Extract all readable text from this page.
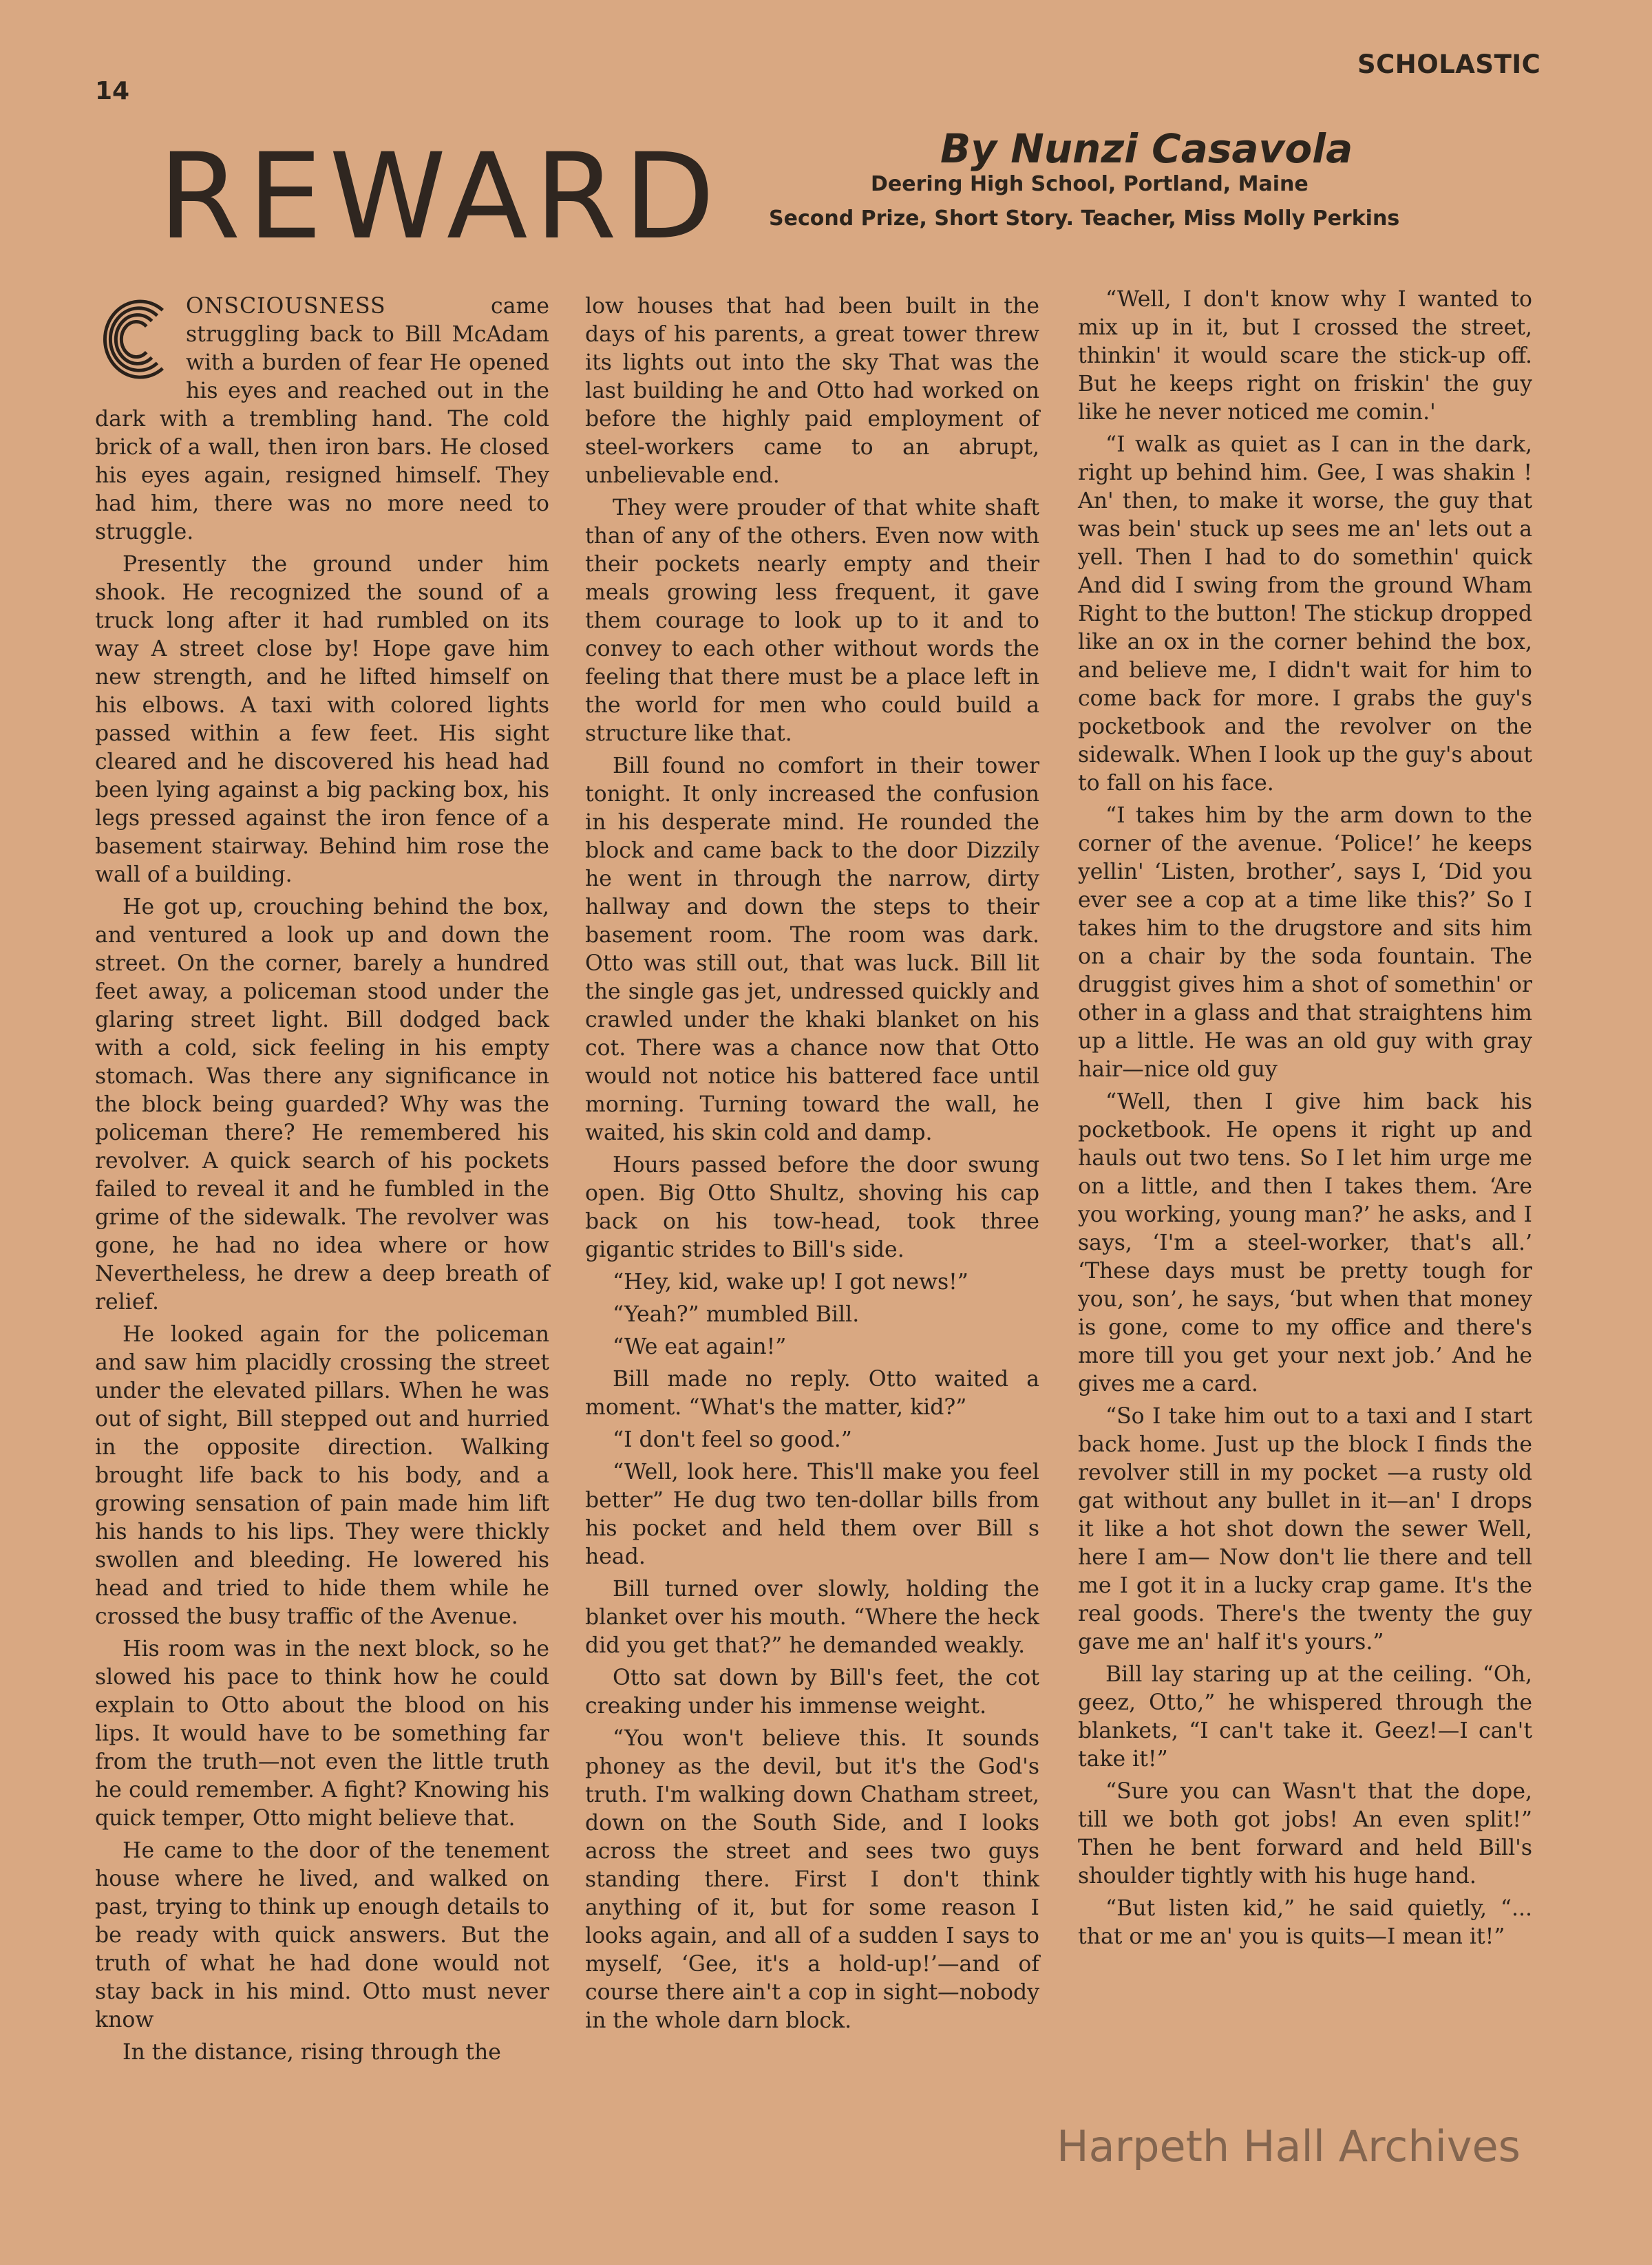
14
SCHOLASTIC
REWARD	By Nunzi Casavola
Deering High School, Portland, Maine
Second Prize, Short Story. Teacher, Miss Molly Perkins

ONSCIOUSNESS came struggling back to Bill McAdam with a burden of fear He opened his eyes and reached out in the dark with a trembling hand. The cold brick of a wall, then iron bars. He closed his eyes again, resigned himself. They had him, there was no more need to struggle.

Presently the ground under him shook. He recognized the sound of a truck long after it had rumbled on its way A street close by! Hope gave him new strength, and he lifted himself on his elbows. A taxi with colored lights passed within a few feet. His sight cleared and he discovered his head had been lying against a big packing box, his legs pressed against the iron fence of a basement stairway. Behind him rose the wall of a building.

He got up, crouching behind the box, and ventured a look up and down the street. On the corner, barely a hundred feet away, a policeman stood under the glaring street light. Bill dodged back with a cold, sick feeling in his empty stomach. Was there any significance in the block being guarded? Why was the policeman there? He remembered his revolver. A quick search of his pockets failed to reveal it and he fumbled in the grime of the sidewalk. The revolver was gone, he had no idea where or how Nevertheless, he drew a deep breath of relief.

He looked again for the policeman and saw him placidly crossing the street under the elevated pillars. When he was out of sight, Bill stepped out and hurried in the opposite direction. Walking brought life back to his body, and a growing sensation of pain made him lift his hands to his lips. They were thickly swollen and bleeding. He lowered his head and tried to hide them while he crossed the busy traffic of the Avenue.

His room was in the next block, so he slowed his pace to think how he could explain to Otto about the blood on his lips. It would have to be something far from the truth—not even the little truth he could remember. A fight? Knowing his quick temper, Otto might believe that.

He came to the door of the tenement house where he lived, and walked on past, trying to think up enough details to be ready with quick answers. But the truth of what he had done would not stay back in his mind. Otto must never know

In the distance, rising through the

low houses that had been built in the days of his parents, a great tower threw its lights out into the sky That was the last building he and Otto had worked on before the highly paid employment of steel-workers came to an abrupt, unbelievable end.

They were prouder of that white shaft than of any of the others. Even now with their pockets nearly empty and their meals growing less frequent, it gave them courage to look up to it and to convey to each other without words the feeling that there must be a place left in the world for men who could build a structure like that.

Bill found no comfort in their tower tonight. It only increased the confusion in his desperate mind. He rounded the block and came back to the door Dizzily he went in through the narrow, dirty hallway and down the steps to their basement room. The room was dark. Otto was still out, that was luck. Bill lit the single gas jet, undressed quickly and crawled under the khaki blanket on his cot. There was a chance now that Otto would not notice his battered face until morning. Turning toward the wall, he waited, his skin cold and damp.

Hours passed before the door swung open. Big Otto Shultz, shoving his cap back on his tow-head, took three gigantic strides to Bill's side.

“Hey, kid, wake up! I got news!”

“Yeah?” mumbled Bill.

“We eat again!”

Bill made no reply. Otto waited a moment. “What's the matter, kid?”

“I don't feel so good.”

“Well, look here. This'll make you feel better” He dug two ten-dollar bills from his pocket and held them over Bill s head.

Bill turned over slowly, holding the blanket over his mouth. “Where the heck did you get that?” he demanded weakly.

Otto sat down by Bill's feet, the cot creaking under his immense weight.

“You won't believe this. It sounds phoney as the devil, but it's the God's truth. I'm walking down Chatham street, down on the South Side, and I looks across the street and sees two guys standing there. First I don't think anything of it, but for some reason I looks again, and all of a sudden I says to myself, ‘Gee, it's a hold-up!’—and of course there ain't a cop in sight—nobody in the whole darn block.

“Well, I don't know why I wanted to mix up in it, but I crossed the street, thinkin' it would scare the stick-up off. But he keeps right on friskin' the guy like he never noticed me comin.'

“I walk as quiet as I can in the dark, right up behind him. Gee, I was shakin ! An' then, to make it worse, the guy that was bein' stuck up sees me an' lets out a yell. Then I had to do somethin' quick And did I swing from the ground Wham Right to the button! The stickup dropped like an ox in the corner behind the box, and believe me, I didn't wait for him to come back for more. I grabs the guy's pocketbook and the revolver on the sidewalk. When I look up the guy's about to fall on his face.

“I takes him by the arm down to the corner of the avenue. ‘Police!’ he keeps yellin' ‘Listen, brother’, says I, ‘Did you ever see a cop at a time like this?’ So I takes him to the drugstore and sits him on a chair by the soda fountain. The druggist gives him a shot of somethin' or other in a glass and that straightens him up a little. He was an old guy with gray hair—nice old guy

“Well, then I give him back his pocketbook. He opens it right up and hauls out two tens. So I let him urge me on a little, and then I takes them. ‘Are you working, young man?’ he asks, and I says, ‘I'm a steel-worker, that's all.’ ‘These days must be pretty tough for you, son’, he says, ‘but when that money is gone, come to my office and there's more till you get your next job.’ And he gives me a card.

“So I take him out to a taxi and I start back home. Just up the block I finds the revolver still in my pocket —a rusty old gat without any bullet in it—an' I drops it like a hot shot down the sewer Well, here I am— Now don't lie there and tell me I got it in a lucky crap game. It's the real goods. There's the twenty the guy gave me an' half it's yours.”

Bill lay staring up at the ceiling. “Oh, geez, Otto,” he whispered through the blankets, “I can't take it. Geez!—I can't take it!”

“Sure you can Wasn't that the dope, till we both got jobs! An even split!” Then he bent forward and held Bill's shoulder tightly with his huge hand.

“But listen kid,” he said quietly, “... that or me an' you is quits—I mean it!”

Harpeth Hall Archives
